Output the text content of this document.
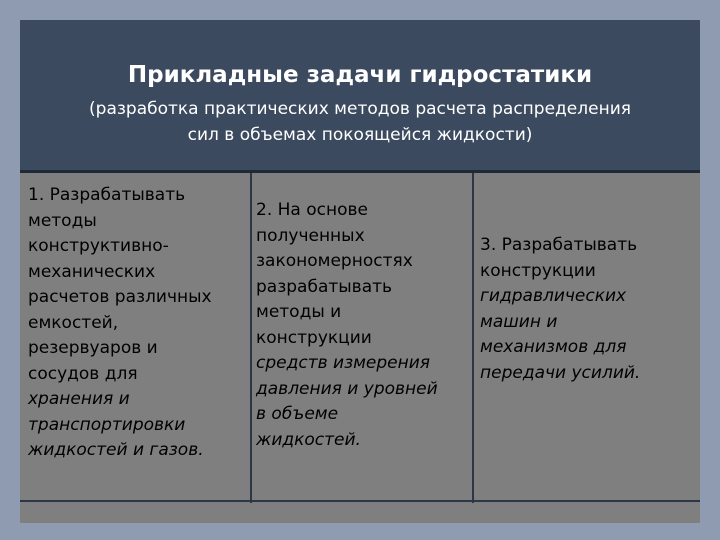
Прикладные задачи гидростатики
(разработка практических методов расчета распределения
сил в объемах покоящейся жидкости)
1. Разрабатывать
методы
конструктивно-
механических
расчетов различных
емкостей,
резервуаров и
сосудов для
хранения и
транспортировки
жидкостей и газов.
2. На основе
полученных
закономерностях
разрабатывать
методы и
конструкции
средств измерения
давления и уровней
в объеме
жидкостей.
3. Разрабатывать
конструкции
гидравлических
машин и
механизмов для
передачи усилий.
